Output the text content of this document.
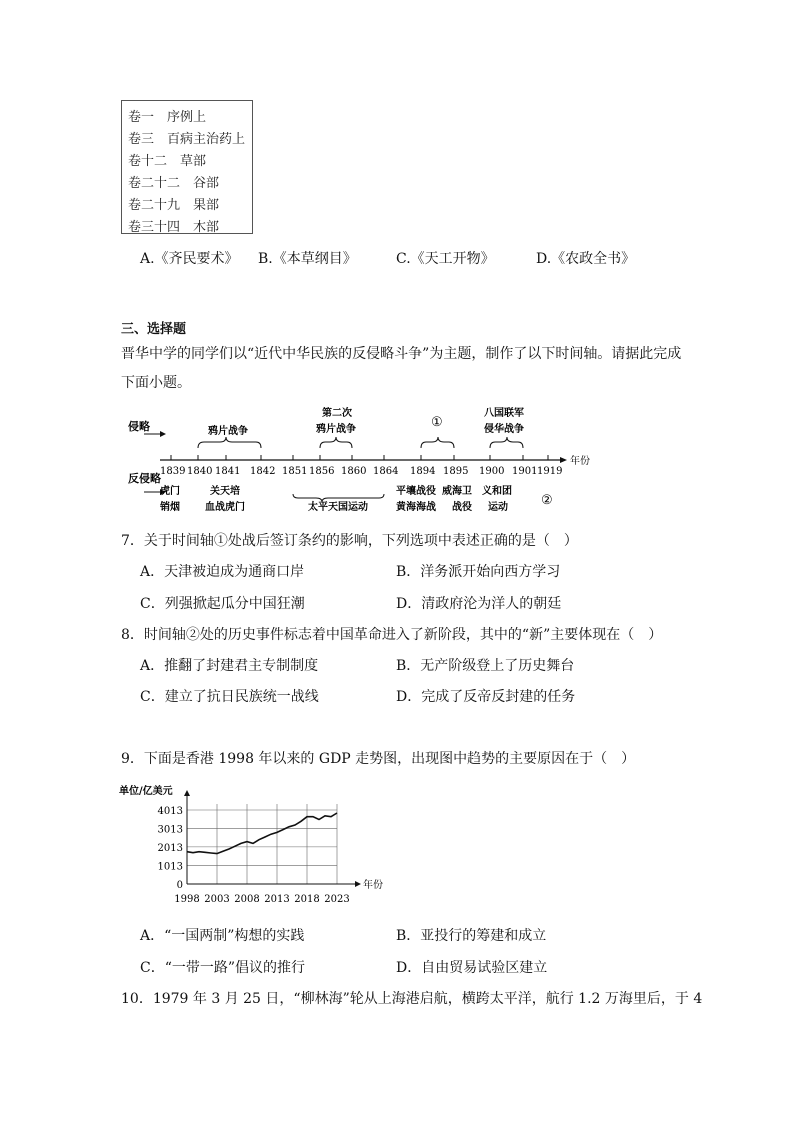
卷一　序例上
卷三　百病主治药上
卷十二　草部
卷二十二　谷部
卷二十九　果部
卷三十四　木部
A.《齐民要术》 B.《本草纲目》	C.《天工开物》	D.《农政全书》
三、选择题
晋华中学的同学们以“近代中华民族的反侵略斗争”为主题，制作了以下时间轴。请据此完成
下面小题。
侵略
反侵略
年份
1839 1840 1841 1842 1851 1856 1860 1864 1894 1895 1900 1901 1919
鸦片战争
第二次
鸦片战争	①
八国联军
侵华战争
虎门
销烟
关天培
血战虎门	太平天国运动
平壤战役
黄海海战
威海卫
战役
义和团
运动	②
7．关于时间轴①处战后签订条约的影响，下列选项中表述正确的是（　）
A．天津被迫成为通商口岸	B．洋务派开始向西方学习
C．列强掀起瓜分中国狂潮	D．清政府沦为洋人的朝廷
8．时间轴②处的历史事件标志着中国革命进入了新阶段，其中的“新”主要体现在（　）
A．推翻了封建君主专制制度	B．无产阶级登上了历史舞台
C．建立了抗日民族统一战线	D．完成了反帝反封建的任务
9．下面是香港 1998 年以来的 GDP 走势图，出现图中趋势的主要原因在于（　）
单位/亿美元
0
1013
2013
3013
4013
年份
1998 2003 2008 2013 2018 2023
A．“一国两制”构想的实践	B．亚投行的筹建和成立
C．“一带一路”倡议的推行	D．自由贸易试验区建立
10．1979 年 3 月 25 日，“柳林海”轮从上海港启航，横跨太平洋，航行 1.2 万海里后，于 4
